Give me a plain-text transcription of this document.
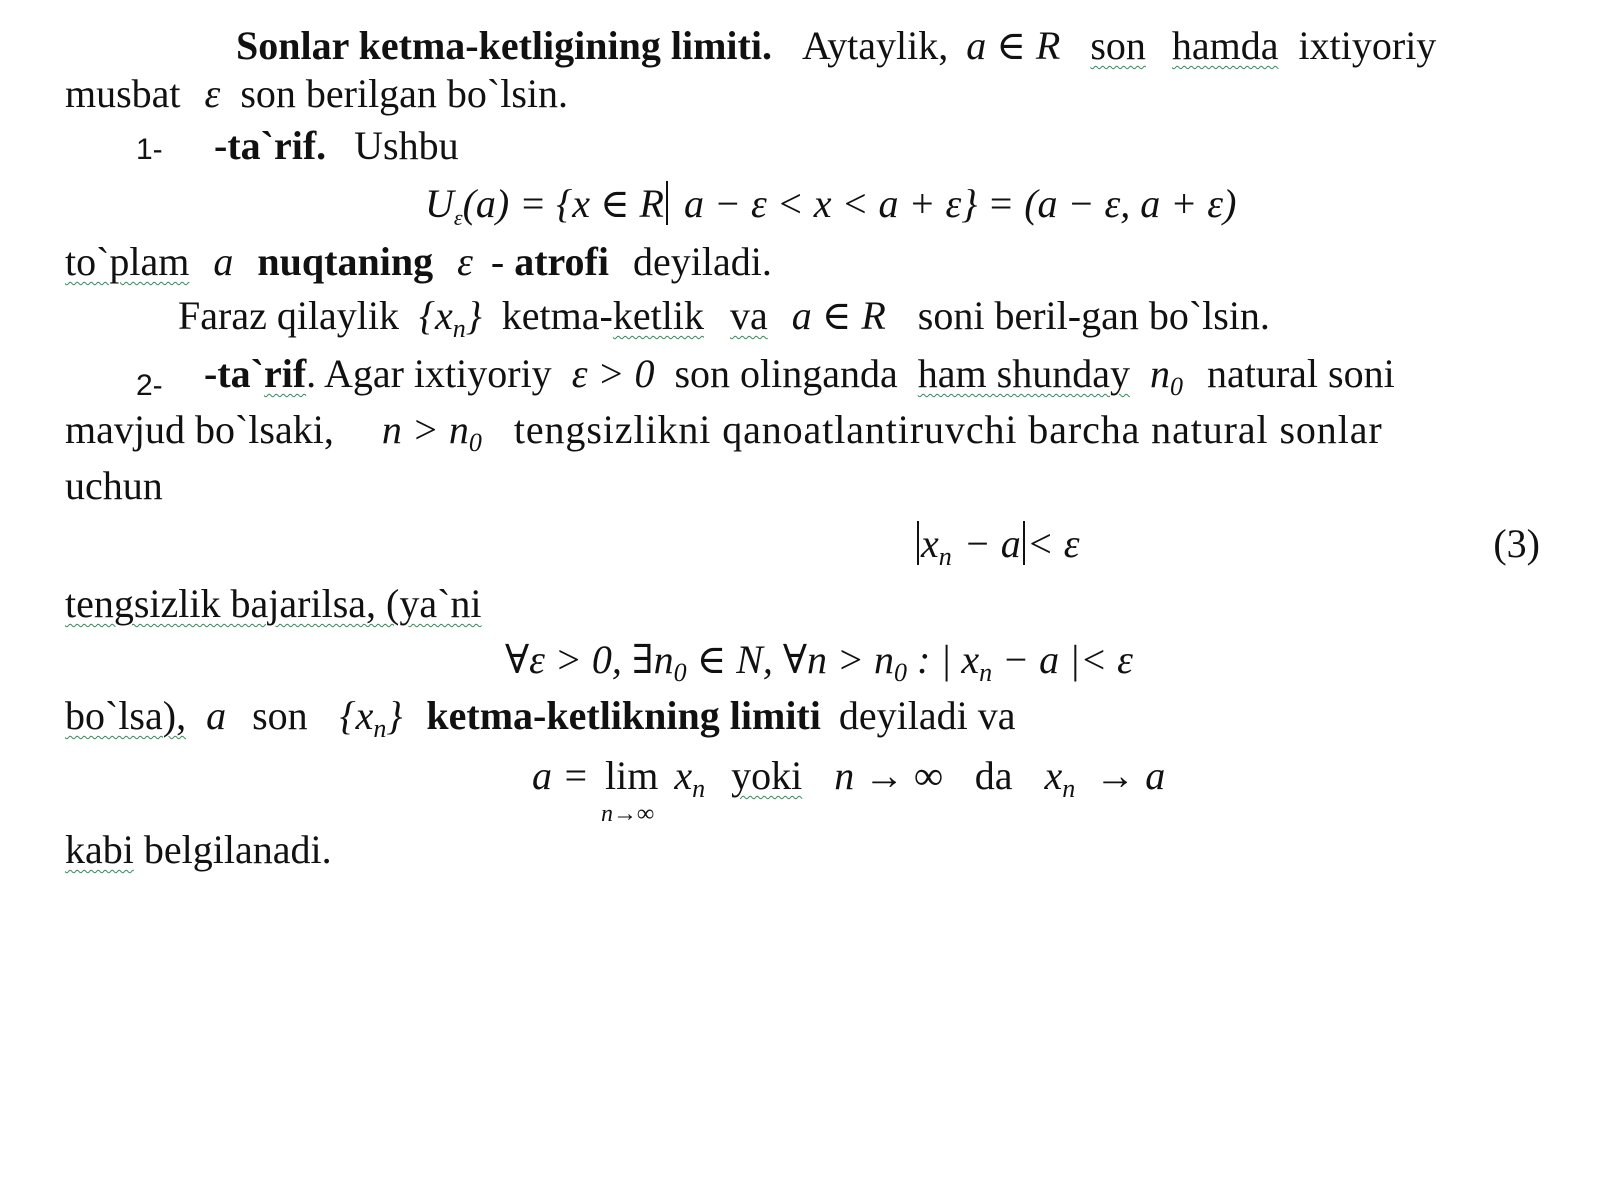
Sonlar ketma-ketligining limiti. Aytaylik, a ∈ R son hamda ixtiyoriy
musbat ε son berilgan bo`lsin.
1- -ta`rif. Ushbu
$U_\varepsilon(a) = \{x$ ∈ R a − ε < x < a + ε} = (a − ε, a + ε)
to`plam a nuqtaning ε - atrofi deyiladi.
Faraz qilaylik $\{x_n\}$ ketma-ketlik va a ∈ R soni beril-gan bo`lsin.
2- -ta`rif. Agar ixtiyoriy ε > 0 son olinganda ham shunday $n_0$ natural soni
mavjud bo`lsaki, $n > n_0$ tengsizlikni qanoatlantiruvchi barcha natural sonlar
uchun
$x_n - a < \varepsilon$	(3)
tengsizlik bajarilsa, (ya`ni
∀ε > 0, $\exists n_0$ ∈ N, ∀n > $n_0$ : | $x_n - a$ |< ε
bo`lsa), a son $\{x_n\}$ ketma-ketlikning limiti deyiladi va
a = lim
n→∞
$x_n$ yoki n → ∞ da $x_n \to a$
kabi belgilanadi.
